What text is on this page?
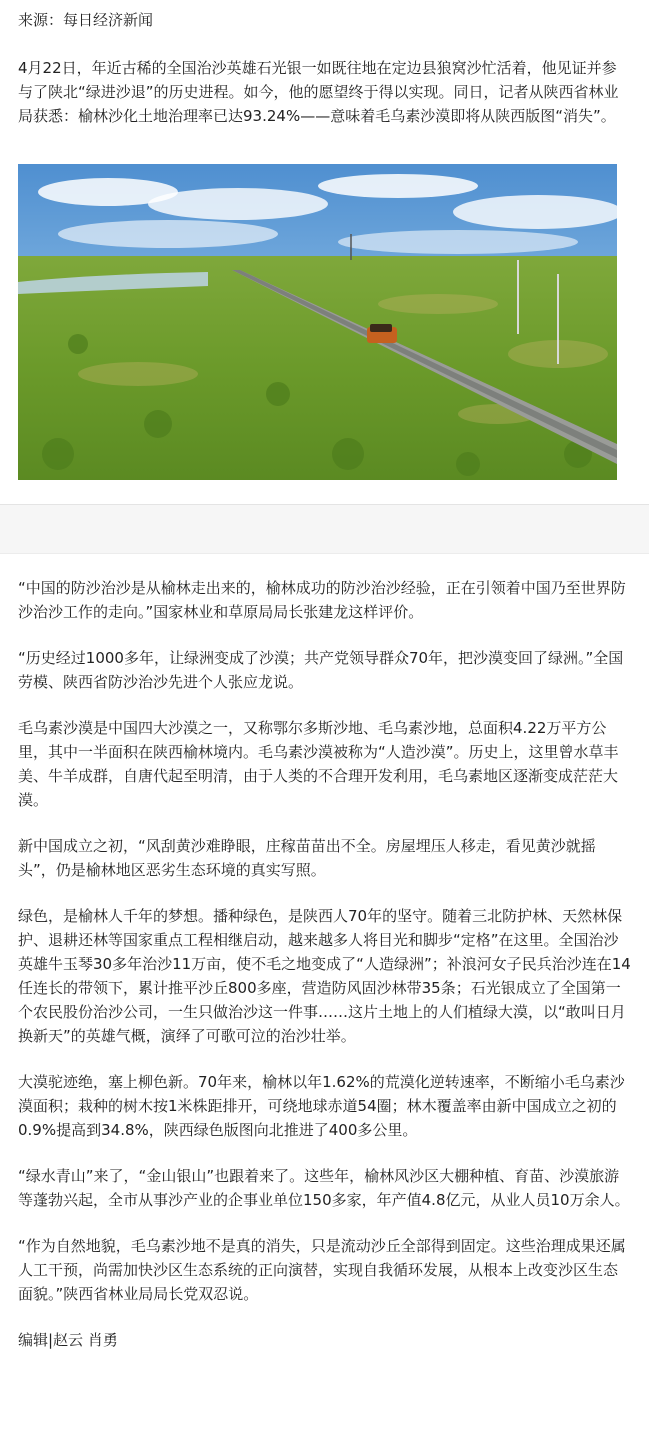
来源：每日经济新闻

4月22日，年近古稀的全国治沙英雄石光银一如既往地在定边县狼窝沙忙活着，他见证并参与了陕北“绿进沙退”的历史进程。如今，他的愿望终于得以实现。同日，记者从陕西省林业局获悉：榆林沙化土地治理率已达93.24%——意味着毛乌素沙漠即将从陕西版图“消失”。

“中国的防沙治沙是从榆林走出来的，榆林成功的防沙治沙经验，正在引领着中国乃至世界防沙治沙工作的走向。”国家林业和草原局局长张建龙这样评价。

“历史经过1000多年，让绿洲变成了沙漠；共产党领导群众70年，把沙漠变回了绿洲。”全国劳模、陕西省防沙治沙先进个人张应龙说。

毛乌素沙漠是中国四大沙漠之一，又称鄂尔多斯沙地、毛乌素沙地，总面积4.22万平方公里，其中一半面积在陕西榆林境内。毛乌素沙漠被称为“人造沙漠”。历史上，这里曾水草丰美、牛羊成群，自唐代起至明清，由于人类的不合理开发利用，毛乌素地区逐渐变成茫茫大漠。

新中国成立之初，“风刮黄沙难睁眼，庄稼苗苗出不全。房屋埋压人移走，看见黄沙就摇头”，仍是榆林地区恶劣生态环境的真实写照。

绿色，是榆林人千年的梦想。播种绿色，是陕西人70年的坚守。随着三北防护林、天然林保护、退耕还林等国家重点工程相继启动，越来越多人将目光和脚步“定格”在这里。全国治沙英雄牛玉琴30多年治沙11万亩，使不毛之地变成了“人造绿洲”；补浪河女子民兵治沙连在14任连长的带领下，累计推平沙丘800多座，营造防风固沙林带35条；石光银成立了全国第一个农民股份治沙公司，一生只做治沙这一件事……这片土地上的人们植绿大漠，以“敢叫日月换新天”的英雄气概，演绎了可歌可泣的治沙壮举。

大漠驼迹绝，塞上柳色新。70年来，榆林以年1.62%的荒漠化逆转速率，不断缩小毛乌素沙漠面积；栽种的树木按1米株距排开，可绕地球赤道54圈；林木覆盖率由新中国成立之初的0.9%提高到34.8%，陕西绿色版图向北推进了400多公里。

“绿水青山”来了，“金山银山”也跟着来了。这些年，榆林风沙区大棚种植、育苗、沙漠旅游等蓬勃兴起，全市从事沙产业的企事业单位150多家，年产值4.8亿元，从业人员10万余人。

“作为自然地貌，毛乌素沙地不是真的消失，只是流动沙丘全部得到固定。这些治理成果还属人工干预，尚需加快沙区生态系统的正向演替，实现自我循环发展，从根本上改变沙区生态面貌。”陕西省林业局局长党双忍说。

编辑|赵云 肖勇
